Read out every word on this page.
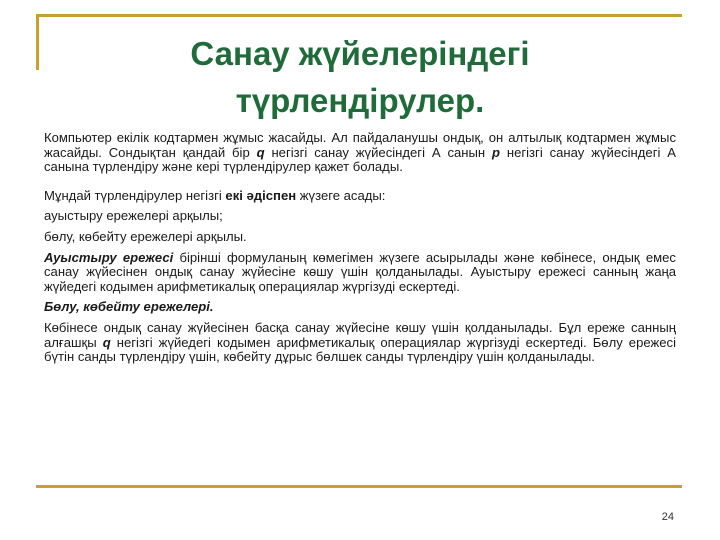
Санау жүйелеріндегі
түрлендірулер.

Компьютер екілік кодтармен жұмыс жасайды. Ал пайдаланушы ондық, он алтылық кодтармен жұмыс жасайды. Сондықтан қандай бір q негізгі санау жүйесіндегі А санын p негізгі санау жүйесіндегі А санына түрлендіру және кері түрлендірулер қажет болады.

Мұндай түрлендірулер негізгі екі әдіспен жүзеге асады:

ауыстыру ережелері арқылы;

бөлу, көбейту ережелері арқылы.

Ауыстыру ережесі бірінші формуланың көмегімен жүзеге асырылады және көбінесе, ондық емес санау жүйесінен ондық санау жүйесіне көшу үшін қолданылады. Ауыстыру ережесі санның жаңа жүйедегі кодымен арифметикалық операциялар жүргізуді ескертеді.

Бөлу, көбейту ережелері.

Көбінесе ондық санау жүйесінен басқа санау жүйесіне көшу үшін қолданылады. Бұл ереже санның алғашқы q негізгі жүйедегі кодымен арифметикалық операциялар жүргізуді ескертеді. Бөлу ережесі бүтін санды түрлендіру үшін, көбейту дұрыс бөлшек санды түрлендіру үшін қолданылады.

24
